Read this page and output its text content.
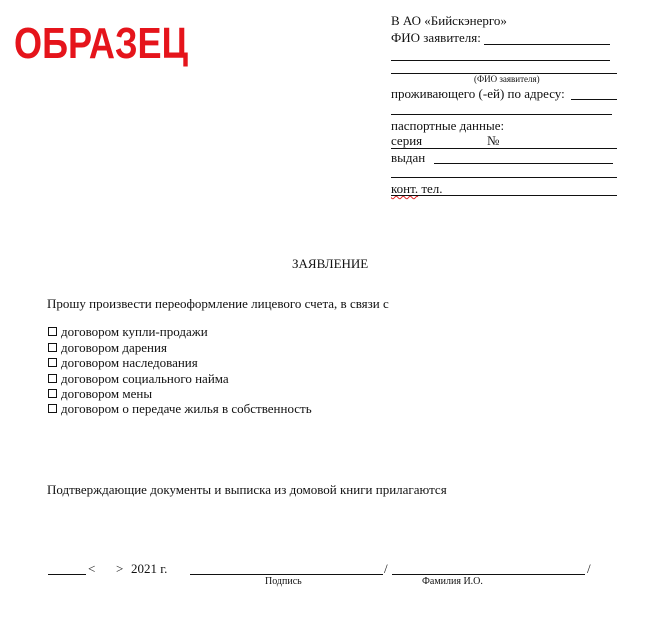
ОБРАЗЕЦ	В АО «Бийскэнерго»
ФИО заявителя:
(ФИО заявителя)
проживающего (-ей) по адресу:
паспортные данные:
серия	№
выдан
конт. тел.
ЗАЯВЛЕНИЕ
Прошу произвести переоформление лицевого счета, в связи с
договором купли-продажи
договором дарения
договором наследования
договором социального найма
договором мены
договором о передаче жилья в собственность
Подтверждающие документы и выписка из домовой книги прилагаются
< > 2021 г.	/	/
Подпись	Фамилия И.О.
